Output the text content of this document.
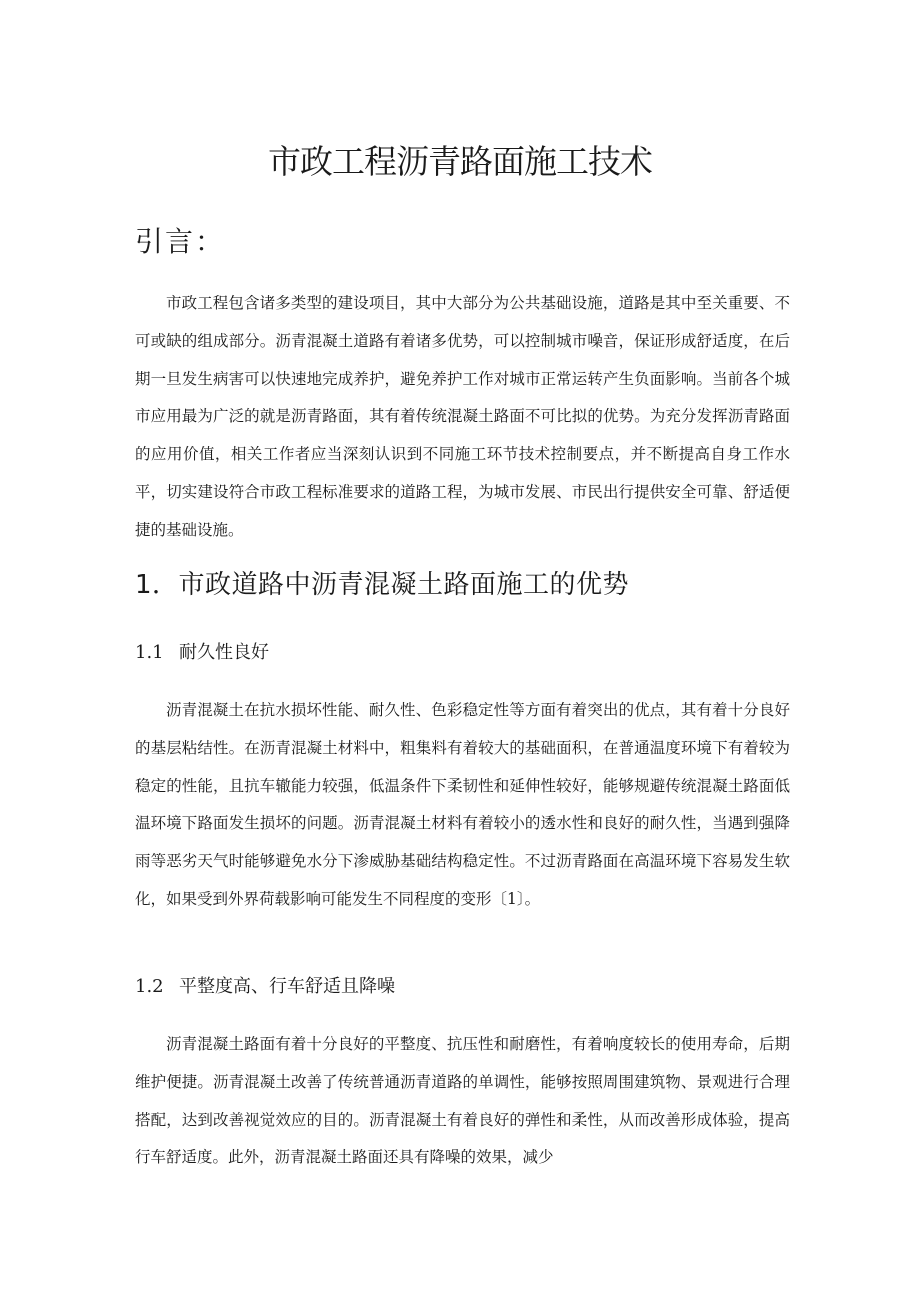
市政工程沥青路面施工技术
引言：

市政工程包含诸多类型的建设项目，其中大部分为公共基础设施，道路是其中至关重要、不可或缺的组成部分。沥青混凝土道路有着诸多优势，可以控制城市噪音，保证形成舒适度，在后期一旦发生病害可以快速地完成养护，避免养护工作对城市正常运转产生负面影响。当前各个城市应用最为广泛的就是沥青路面，其有着传统混凝土路面不可比拟的优势。为充分发挥沥青路面的应用价值，相关工作者应当深刻认识到不同施工环节技术控制要点，并不断提高自身工作水平，切实建设符合市政工程标准要求的道路工程，为城市发展、市民出行提供安全可靠、舒适便捷的基础设施。

1．市政道路中沥青混凝土路面施工的优势
1.1 耐久性良好

沥青混凝土在抗水损坏性能、耐久性、色彩稳定性等方面有着突出的优点，其有着十分良好的基层粘结性。在沥青混凝土材料中，粗集料有着较大的基础面积，在普通温度环境下有着较为稳定的性能，且抗车辙能力较强，低温条件下柔韧性和延伸性较好，能够规避传统混凝土路面低温环境下路面发生损坏的问题。沥青混凝土材料有着较小的透水性和良好的耐久性，当遇到强降雨等恶劣天气时能够避免水分下渗威胁基础结构稳定性。不过沥青路面在高温环境下容易发生软化，如果受到外界荷载影响可能发生不同程度的变形〔1〕。

1.2 平整度高、行车舒适且降噪

沥青混凝土路面有着十分良好的平整度、抗压性和耐磨性，有着响度较长的使用寿命，后期维护便捷。沥青混凝土改善了传统普通沥青道路的单调性，能够按照周围建筑物、景观进行合理搭配，达到改善视觉效应的目的。沥青混凝土有着良好的弹性和柔性，从而改善形成体验，提高行车舒适度。此外，沥青混凝土路面还具有降噪的效果，减少
